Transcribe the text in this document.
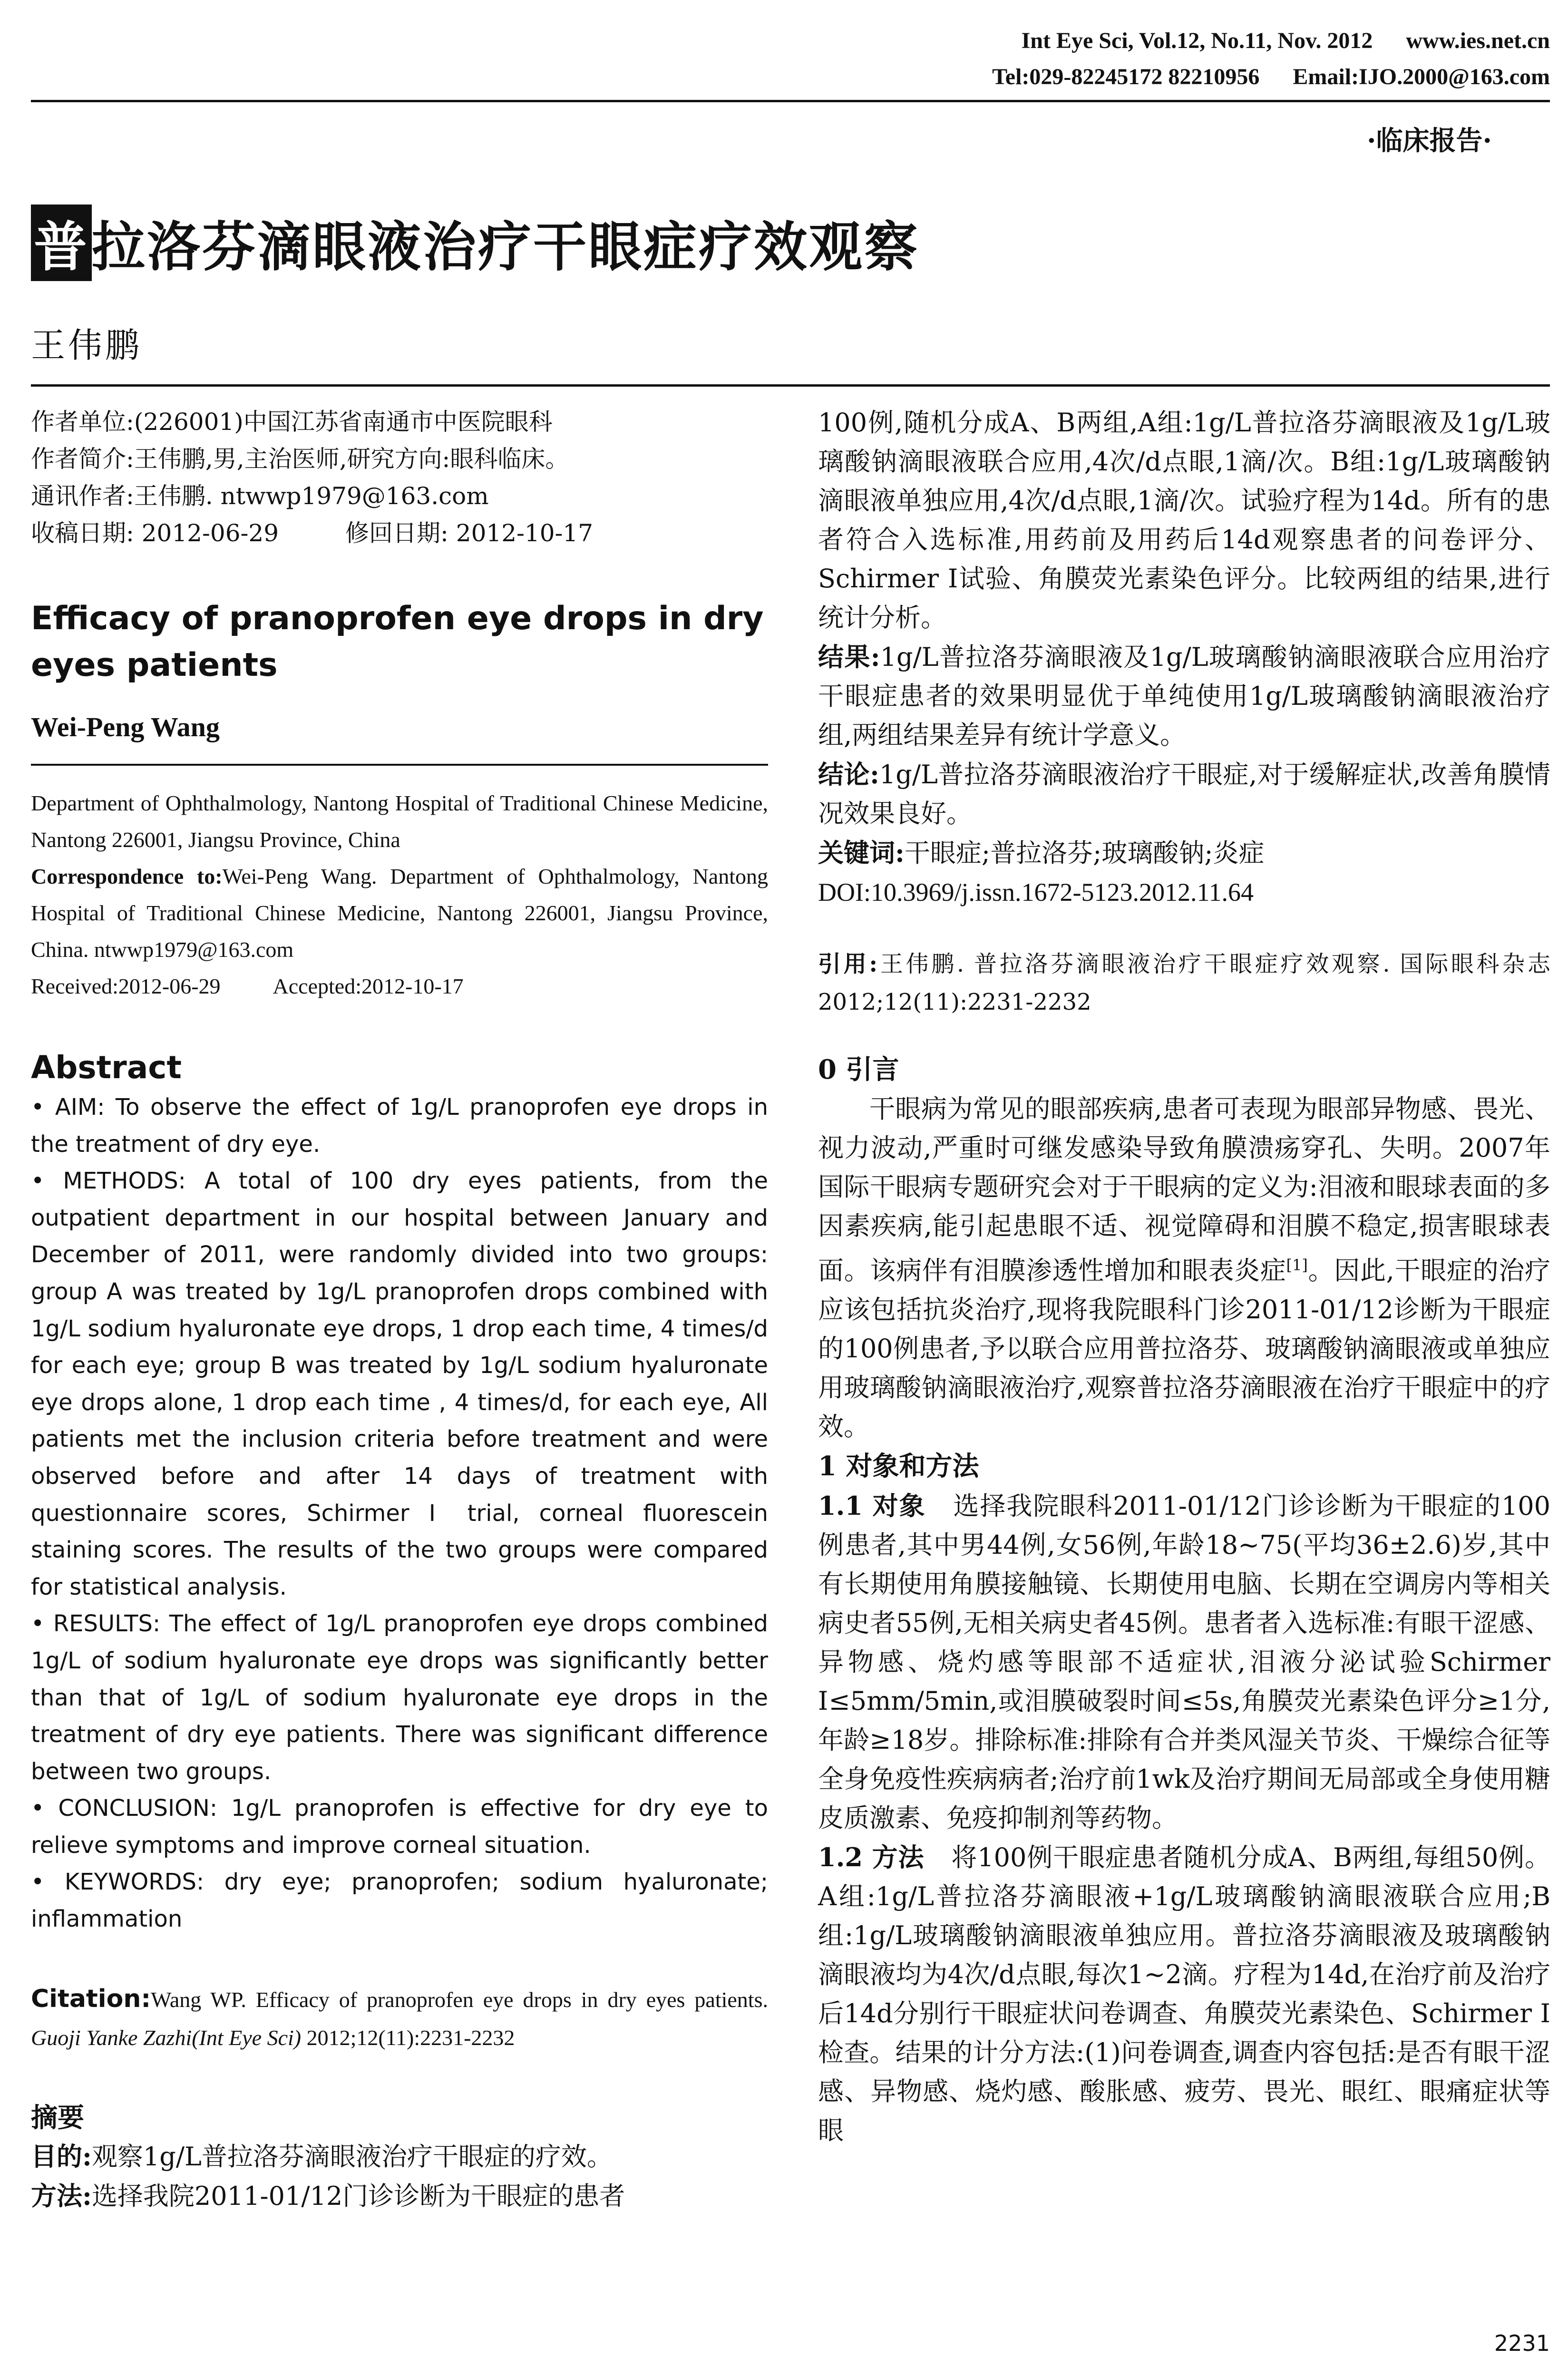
Int Eye Sci, Vol.12, No.11, Nov. 2012 www.ies.net.cn
Tel:029-82245172 82210956 Email:IJO.2000@163.com
·临床报告·
普拉洛芬滴眼液治疗干眼症疗效观察
王伟鹏

作者单位:(226001)中国江苏省南通市中医院眼科

作者简介:王伟鹏,男,主治医师,研究方向:眼科临床。

通讯作者:王伟鹏. ntwwp1979@163.com

收稿日期: 2012-06-29	修回日期: 2012-10-17

Efficacy of pranoprofen eye drops in dry eyes patients
Wei-Peng Wang
Department of Ophthalmology, Nantong Hospital of Traditional Chinese Medicine, Nantong 226001, Jiangsu Province, China
Correspondence to:Wei-Peng Wang. Department of Ophthalmology, Nantong Hospital of Traditional Chinese Medicine, Nantong 226001, Jiangsu Province, China. ntwwp1979@163.com
Received:2012-06-29 Accepted:2012-10-17
Abstract

• AIM: To observe the effect of 1g/L pranoprofen eye drops in the treatment of dry eye.

• METHODS: A total of 100 dry eyes patients, from the outpatient department in our hospital between January and December of 2011, were randomly divided into two groups: group A was treated by 1g/L pranoprofen drops combined with 1g/L sodium hyaluronate eye drops, 1 drop each time, 4 times/d for each eye; group B was treated by 1g/L sodium hyaluronate eye drops alone, 1 drop each time , 4 times/d, for each eye, All patients met the inclusion criteria before treatment and were observed before and after 14 days of treatment with questionnaire scores, Schirmer Ⅰ trial, corneal fluorescein staining scores. The results of the two groups were compared for statistical analysis.

• RESULTS: The effect of 1g/L pranoprofen eye drops combined 1g/L of sodium hyaluronate eye drops was significantly better than that of 1g/L of sodium hyaluronate eye drops in the treatment of dry eye patients. There was significant difference between two groups.

• CONCLUSION: 1g/L pranoprofen is effective for dry eye to relieve symptoms and improve corneal situation.

• KEYWORDS: dry eye; pranoprofen; sodium hyaluronate; inflammation

Citation:Wang WP. Efficacy of pranoprofen eye drops in dry eyes patients. Guoji Yanke Zazhi(Int Eye Sci) 2012;12(11):2231-2232
摘要

目的:观察1g/L普拉洛芬滴眼液治疗干眼症的疗效。

方法:选择我院2011-01/12门诊诊断为干眼症的患者

100例,随机分成A、B两组,A组:1g/L普拉洛芬滴眼液及1g/L玻璃酸钠滴眼液联合应用,4次/d点眼,1滴/次。B组:1g/L玻璃酸钠滴眼液单独应用,4次/d点眼,1滴/次。试验疗程为14d。所有的患者符合入选标准,用药前及用药后14d观察患者的问卷评分、Schirmer Ⅰ试验、角膜荧光素染色评分。比较两组的结果,进行统计分析。

结果:1g/L普拉洛芬滴眼液及1g/L玻璃酸钠滴眼液联合应用治疗干眼症患者的效果明显优于单纯使用1g/L玻璃酸钠滴眼液治疗组,两组结果差异有统计学意义。

结论:1g/L普拉洛芬滴眼液治疗干眼症,对于缓解症状,改善角膜情况效果良好。

关键词:干眼症;普拉洛芬;玻璃酸钠;炎症

DOI:10.3969/j.issn.1672-5123.2012.11.64

引用:王伟鹏. 普拉洛芬滴眼液治疗干眼症疗效观察. 国际眼科杂志 2012;12(11):2231-2232

0 引言

干眼病为常见的眼部疾病,患者可表现为眼部异物感、畏光、视力波动,严重时可继发感染导致角膜溃疡穿孔、失明。2007年国际干眼病专题研究会对于干眼病的定义为:泪液和眼球表面的多因素疾病,能引起患眼不适、视觉障碍和泪膜不稳定,损害眼球表面。该病伴有泪膜渗透性增加和眼表炎症[1]。因此,干眼症的治疗应该包括抗炎治疗,现将我院眼科门诊2011-01/12诊断为干眼症的100例患者,予以联合应用普拉洛芬、玻璃酸钠滴眼液或单独应用玻璃酸钠滴眼液治疗,观察普拉洛芬滴眼液在治疗干眼症中的疗效。

1 对象和方法

1.1 对象 选择我院眼科2011-01/12门诊诊断为干眼症的100例患者,其中男44例,女56例,年龄18~75(平均36±2.6)岁,其中有长期使用角膜接触镜、长期使用电脑、长期在空调房内等相关病史者55例,无相关病史者45例。患者者入选标准:有眼干涩感、异物感、烧灼感等眼部不适症状,泪液分泌试验Schirmer Ⅰ≤5mm/5min,或泪膜破裂时间≤5s,角膜荧光素染色评分≥1分,年龄≥18岁。排除标准:排除有合并类风湿关节炎、干燥综合征等全身免疫性疾病病者;治疗前1wk及治疗期间无局部或全身使用糖皮质激素、免疫抑制剂等药物。

1.2 方法 将100例干眼症患者随机分成A、B两组,每组50例。A组:1g/L普拉洛芬滴眼液+1g/L玻璃酸钠滴眼液联合应用;B组:1g/L玻璃酸钠滴眼液单独应用。普拉洛芬滴眼液及玻璃酸钠滴眼液均为4次/d点眼,每次1~2滴。疗程为14d,在治疗前及治疗后14d分别行干眼症状问卷调查、角膜荧光素染色、Schirmer Ⅰ检查。结果的计分方法:(1)问卷调查,调查内容包括:是否有眼干涩感、异物感、烧灼感、酸胀感、疲劳、畏光、眼红、眼痛症状等眼

2231
